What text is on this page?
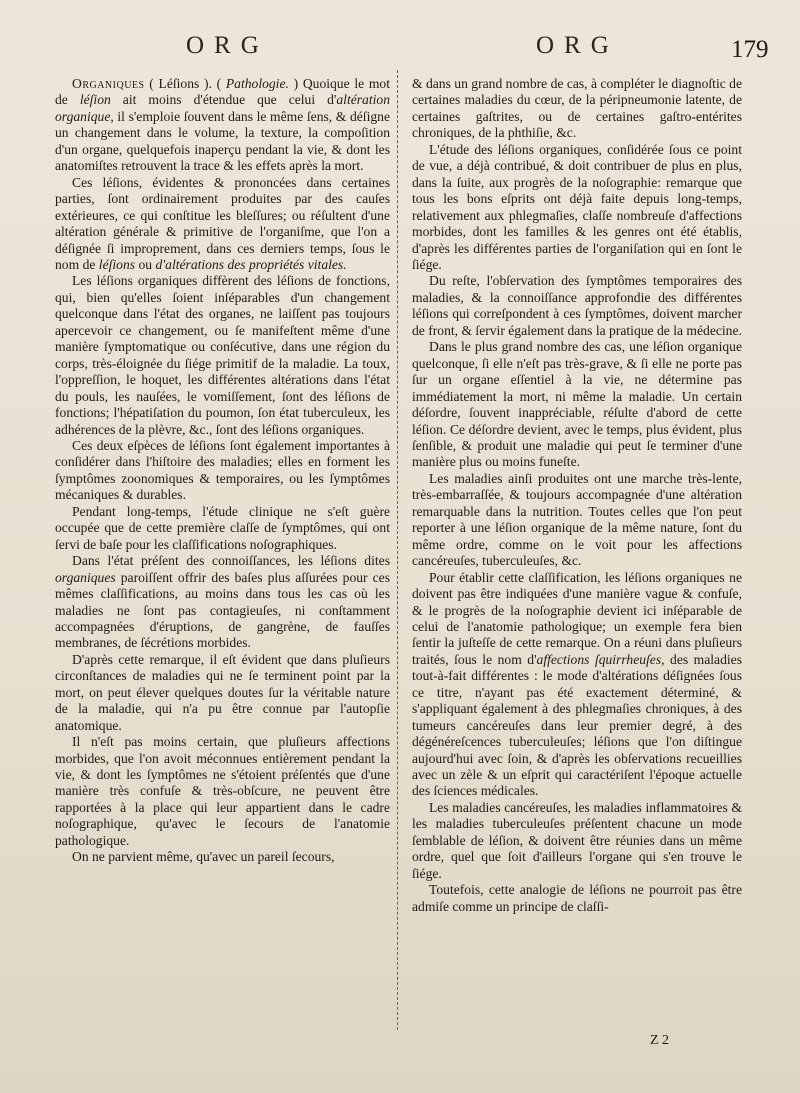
ORG	ORG	179

Organiques ( Léſions ). ( Pathologie. ) Quoique le mot de léſion ait moins d'étendue que celui d'altération organique, il s'emploie ſouvent dans le même ſens, & déſigne un changement dans le volume, la texture, la compoſition d'un organe, quelquefois inaperçu pendant la vie, & dont les anatomiſtes retrouvent la trace & les effets après la mort.

Ces léſions, évidentes & prononcées dans certaines parties, ſont ordinairement produites par des cauſes extérieures, ce qui conſtitue les bleſſures; ou réſultent d'une altération générale & primitive de l'organiſme, que l'on a déſignée ſi improprement, dans ces derniers temps, ſous le nom de léſions ou d'altérations des propriétés vitales.

Les léſions organiques diffèrent des léſions de fonctions, qui, bien qu'elles ſoient inſéparables d'un changement quelconque dans l'état des organes, ne laiſſent pas toujours apercevoir ce changement, ou ſe manifeſtent même d'une manière ſymptomatique ou conſécutive, dans une région du corps, très-éloignée du ſiége primitif de la maladie. La toux, l'oppreſſion, le hoquet, les différentes altérations dans l'état du pouls, les nauſées, le vomiſſement, ſont des léſions de fonctions; l'hépatiſation du poumon, ſon état tuberculeux, les adhérences de la plèvre, &c., ſont des léſions organiques.

Ces deux eſpèces de léſions ſont également importantes à conſidérer dans l'hiſtoire des maladies; elles en forment les ſymptômes zoonomiques & temporaires, ou les ſymptômes mécaniques & durables.

Pendant long-temps, l'étude clinique ne s'eſt guère occupée que de cette première claſſe de ſymptômes, qui ont ſervi de baſe pour les claſſifications noſographiques.

Dans l'état préſent des connoiſſances, les léſions dites organiques paroiſſent offrir des baſes plus aſſurées pour ces mêmes claſſifications, au moins dans tous les cas où les maladies ne ſont pas contagieuſes, ni conſtamment accompagnées d'éruptions, de gangrène, de fauſſes membranes, de ſécrétions morbides.

D'après cette remarque, il eſt évident que dans pluſieurs circonſtances de maladies qui ne ſe terminent point par la mort, on peut élever quelques doutes ſur la véritable nature de la maladie, qui n'a pu être connue par l'autopſie anatomique.

Il n'eſt pas moins certain, que pluſieurs affections morbides, que l'on avoit méconnues entièrement pendant la vie, & dont les ſymptômes ne s'étoient préſentés que d'une manière très confuſe & très-obſcure, ne peuvent être rapportées à la place qui leur appartient dans le cadre noſographique, qu'avec le ſecours de l'anatomie pathologique.

On ne parvient même, qu'avec un pareil ſecours,

& dans un grand nombre de cas, à compléter le diagnoſtic de certaines maladies du cœur, de la péripneumonie latente, de certaines gaſtrites, ou de certaines gaſtro-entérites chroniques, de la phthiſie, &c.

L'étude des léſions organiques, conſidérée ſous ce point de vue, a déjà contribué, & doit contribuer de plus en plus, dans la ſuite, aux progrès de la noſographie: remarque que tous les bons eſprits ont déjà faite depuis long-temps, relativement aux phlegmaſies, claſſe nombreuſe d'affections morbides, dont les familles & les genres ont été établis, d'après les différentes parties de l'organiſation qui en ſont le ſiége.

Du reſte, l'obſervation des ſymptômes temporaires des maladies, & la connoiſſance approfondie des différentes léſions qui correſpondent à ces ſymptômes, doivent marcher de front, & ſervir également dans la pratique de la médecine.

Dans le plus grand nombre des cas, une léſion organique quelconque, ſi elle n'eſt pas très-grave, & ſi elle ne porte pas ſur un organe eſſentiel à la vie, ne détermine pas immédiatement la mort, ni même la maladie. Un certain déſordre, ſouvent inappréciable, réſulte d'abord de cette léſion. Ce déſordre devient, avec le temps, plus évident, plus ſenſible, & produit une maladie qui peut ſe terminer d'une manière plus ou moins funeſte.

Les maladies ainſi produites ont une marche très-lente, très-embarraſſée, & toujours accompagnée d'une altération remarquable dans la nutrition. Toutes celles que l'on peut reporter à une léſion organique de la même nature, ſont du même ordre, comme on le voit pour les affections cancéreuſes, tuberculeuſes, &c.

Pour établir cette claſſification, les léſions organiques ne doivent pas être indiquées d'une manière vague & confuſe, & le progrès de la noſographie devient ici inſéparable de celui de l'anatomie pathologique; un exemple fera bien ſentir la juſteſſe de cette remarque. On a réuni dans pluſieurs traités, ſous le nom d'affections ſquirrheuſes, des maladies tout-à-fait différentes : le mode d'altérations déſignées ſous ce titre, n'ayant pas été exactement déterminé, & s'appliquant également à des phlegmaſies chroniques, à des tumeurs cancéreuſes dans leur premier degré, à des dégénéreſcences tuberculeuſes; léſions que l'on diſtingue aujourd'hui avec ſoin, & d'après les obſervations recueillies avec un zèle & un eſprit qui caractériſent l'époque actuelle des ſciences médicales.

Les maladies cancéreuſes, les maladies inflammatoires & les maladies tuberculeuſes préſentent chacune un mode ſemblable de léſion, & doivent être réunies dans un même ordre, quel que ſoit d'ailleurs l'organe qui s'en trouve le ſiége.

Toutefois, cette analogie de léſions ne pourroit pas être admiſe comme un principe de claſſi-

Z 2
